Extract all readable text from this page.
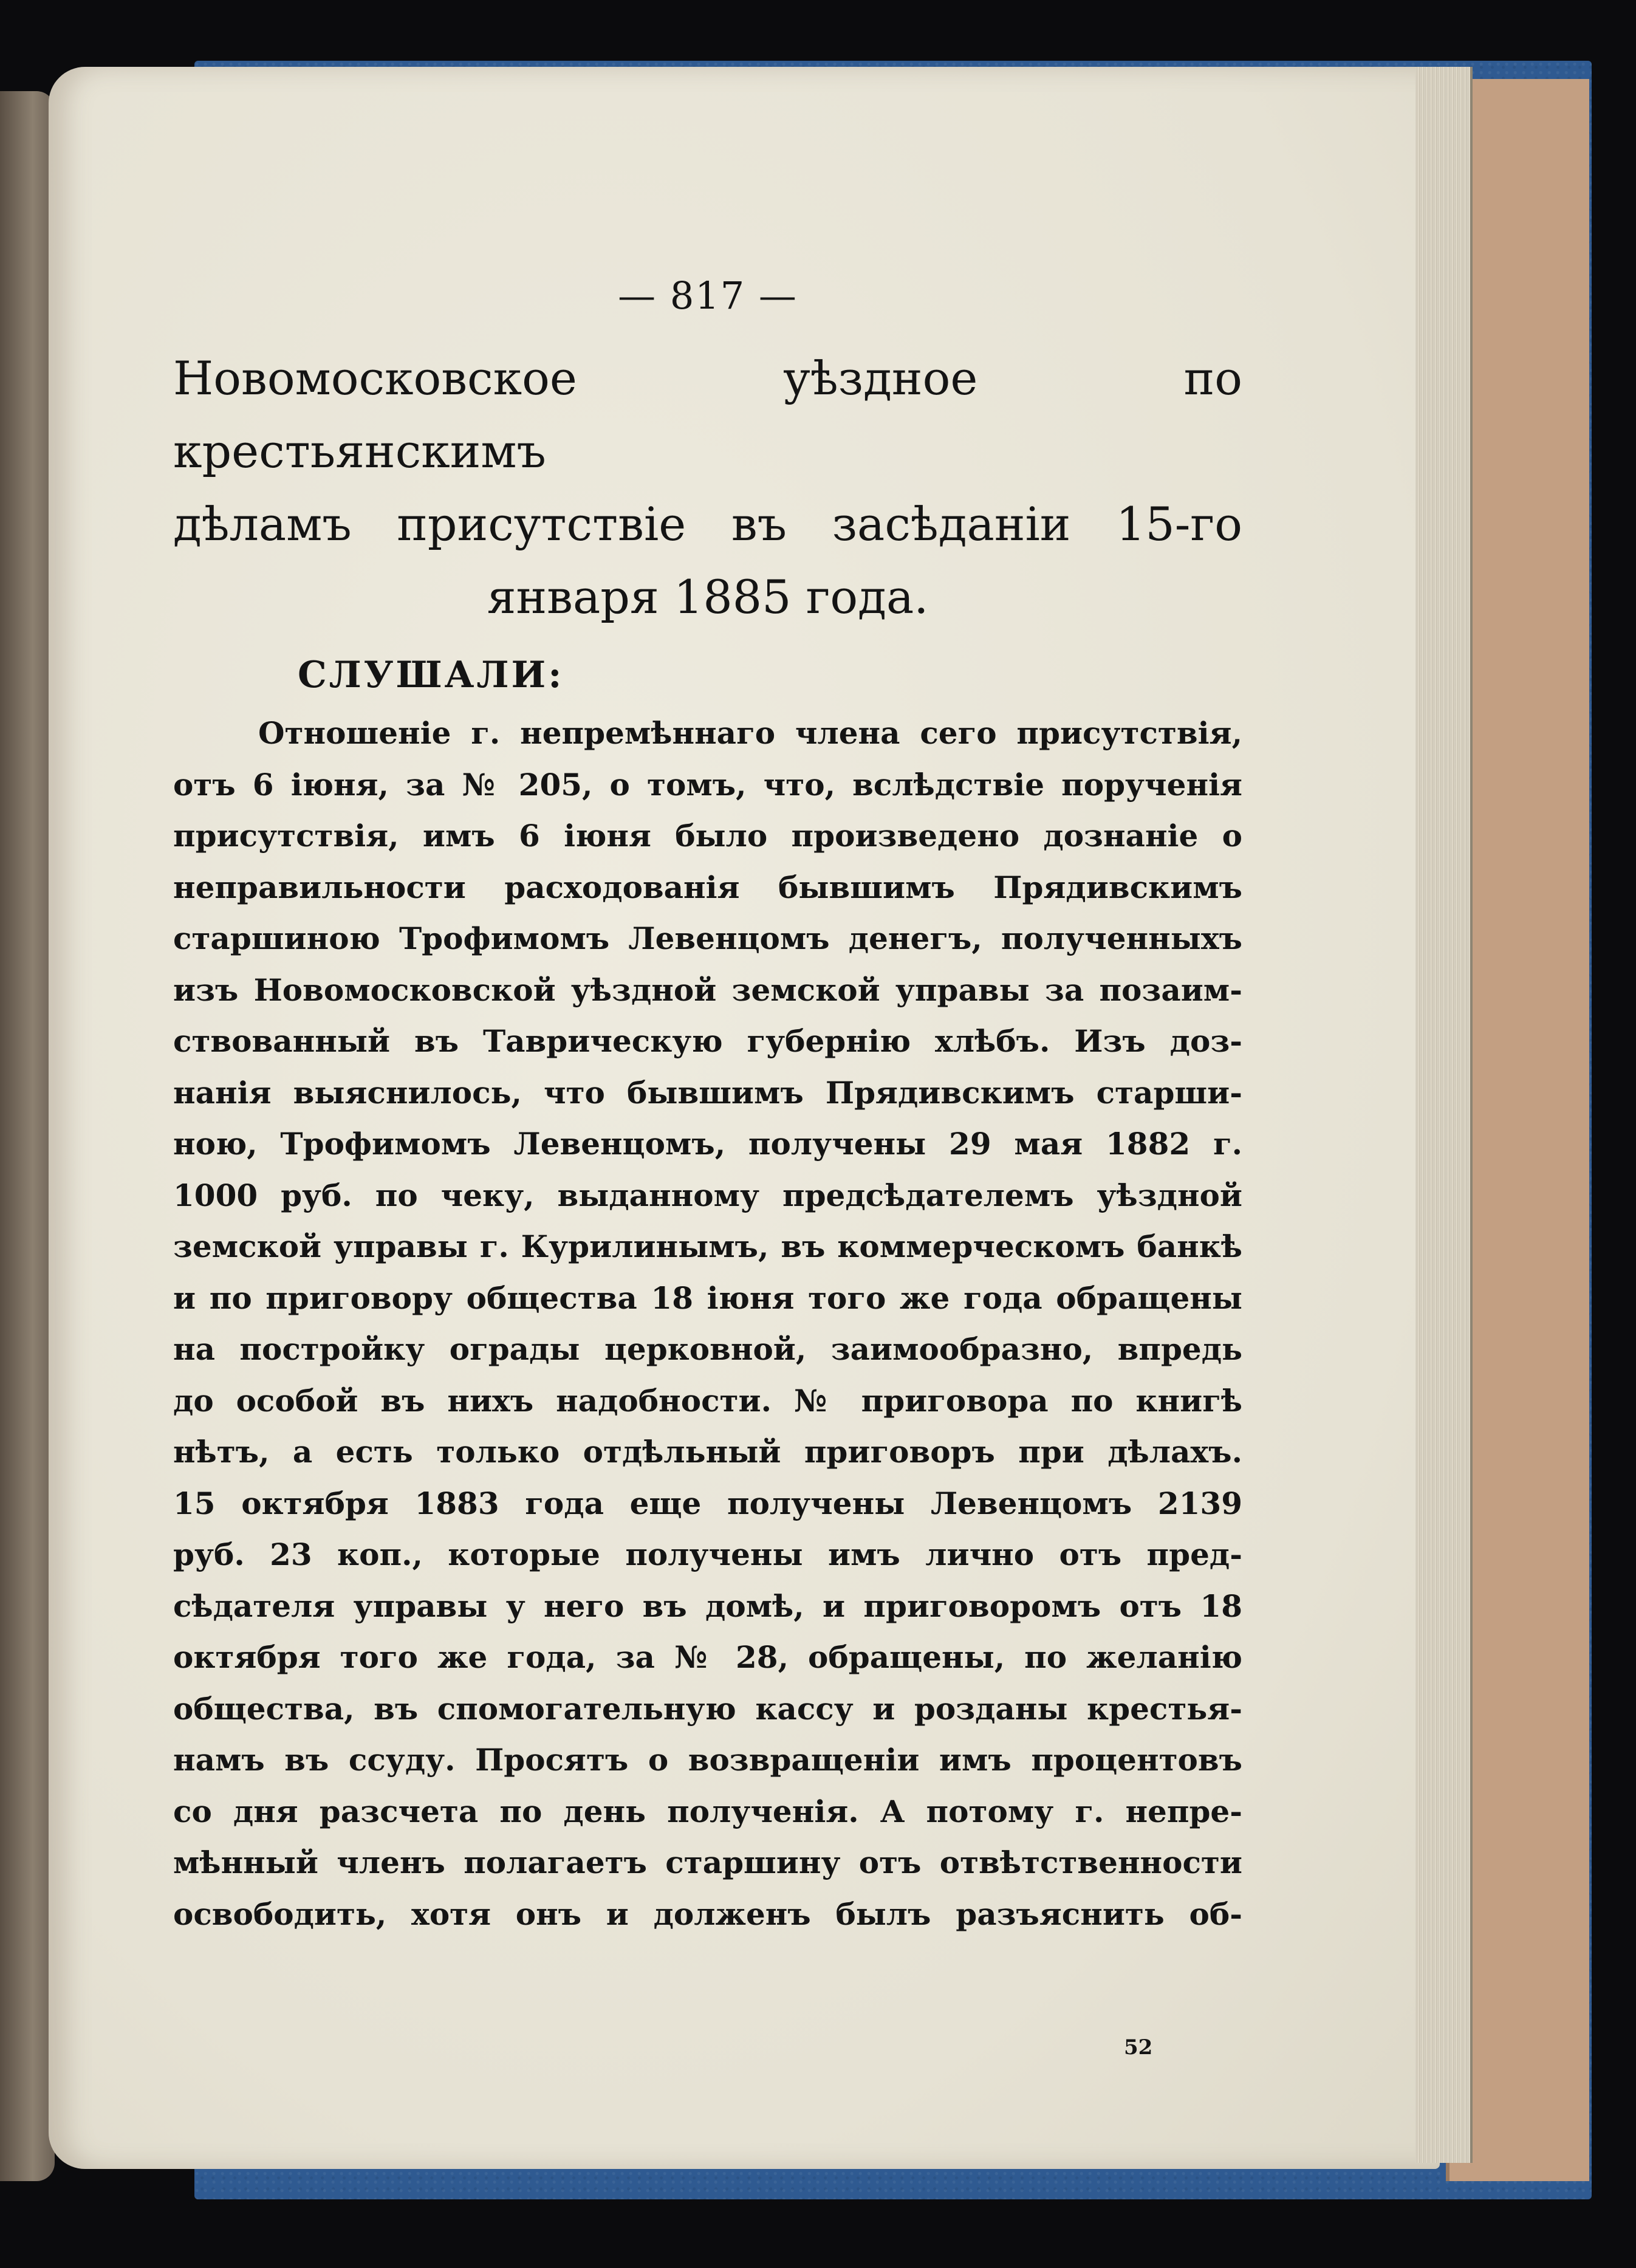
— 817 —

Новомосковское уѣздное по крестьянскимъ

дѣламъ присутствіе въ засѣданіи 15-го

января 1885 года.

СЛУШАЛИ:

Отношеніе г. непремѣннаго члена сего присутствія,

отъ 6 іюня, за № 205, о томъ, что, вслѣдствіе порученія

присутствія, имъ 6 іюня было произведено дознаніе о

неправильности расходованія бывшимъ Прядивскимъ

старшиною Трофимомъ Левенцомъ денегъ, полученныхъ

изъ Новомосковской уѣздной земской управы за позаим-

ствованный въ Таврическую губернію хлѣбъ. Изъ доз-

нанія выяснилось, что бывшимъ Прядивскимъ старши-

ною, Трофимомъ Левенцомъ, получены 29 мая 1882 г.

1000 руб. по чеку, выданному предсѣдателемъ уѣздной

земской управы г. Курилинымъ, въ коммерческомъ банкѣ

и по приговору общества 18 іюня того же года обращены

на постройку ограды церковной, заимообразно, впредь

до особой въ нихъ надобности. № приговора по книгѣ

нѣтъ, а есть только отдѣльный приговоръ при дѣлахъ.

15 октября 1883 года еще получены Левенцомъ 2139

руб. 23 коп., которые получены имъ лично отъ пред-

сѣдателя управы у него въ домѣ, и приговоромъ отъ 18

октября того же года, за № 28, обращены, по желанію

общества, въ спомогательную кассу и розданы крестья-

намъ въ ссуду. Просятъ о возвращеніи имъ процентовъ

со дня разсчета по день полученія. А потому г. непре-

мѣнный членъ полагаетъ старшину отъ отвѣтственности

освободить, хотя онъ и долженъ былъ разъяснить об-

52
